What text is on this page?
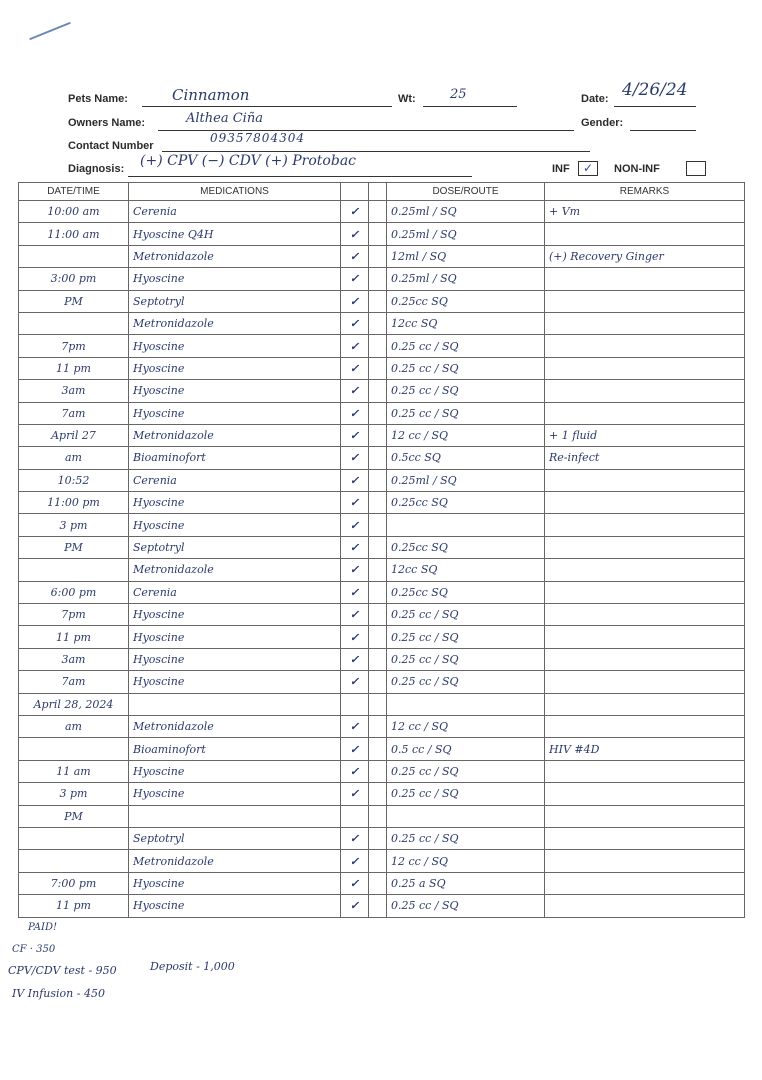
Pets Name:	Cinnamon	Wt:	25	Date: 4/26/24
Owners Name:	Althea Ciña	Gender:
Contact Number
09357804304
Diagnosis: (+) CPV (−) CDV (+) Protobac	INF	✓	NON-INF
DATE/TIME	MEDICATIONS			DOSE/ROUTE	REMARKS
10:00 am	Cerenia	✓		0.25ml / SQ	+ Vm
11:00 am	Hyoscine Q4H	✓		0.25ml / SQ	
	Metronidazole	✓		12ml / SQ	(+) Recovery Ginger
3:00 pm	Hyoscine	✓		0.25ml / SQ	
PM	Septotryl	✓		0.25cc SQ	
	Metronidazole	✓		12cc SQ	
7pm	Hyoscine	✓		0.25 cc / SQ	
11 pm	Hyoscine	✓		0.25 cc / SQ	
3am	Hyoscine	✓		0.25 cc / SQ	
7am	Hyoscine	✓		0.25 cc / SQ	
April 27	Metronidazole	✓		12 cc / SQ	+ 1 fluid
am	Bioaminofort	✓		0.5cc SQ	Re-infect
10:52	Cerenia	✓		0.25ml / SQ	
11:00 pm	Hyoscine	✓		0.25cc SQ	
3 pm	Hyoscine	✓			
PM	Septotryl	✓		0.25cc SQ	
	Metronidazole	✓		12cc SQ	
6:00 pm	Cerenia	✓		0.25cc SQ	
7pm	Hyoscine	✓		0.25 cc / SQ	
11 pm	Hyoscine	✓		0.25 cc / SQ	
3am	Hyoscine	✓		0.25 cc / SQ	
7am	Hyoscine	✓		0.25 cc / SQ	
April 28, 2024					
am	Metronidazole	✓		12 cc / SQ	
	Bioaminofort	✓		0.5 cc / SQ	HIV #4D
11 am	Hyoscine	✓		0.25 cc / SQ	
3 pm	Hyoscine	✓		0.25 cc / SQ	
PM					
	Septotryl	✓		0.25 cc / SQ	
	Metronidazole	✓		12 cc / SQ	
7:00 pm	Hyoscine	✓		0.25 a SQ	
11 pm	Hyoscine	✓		0.25 cc / SQ	
PAID!
CF · 350
CPV/CDV test - 950	Deposit - 1,000
IV Infusion - 450
